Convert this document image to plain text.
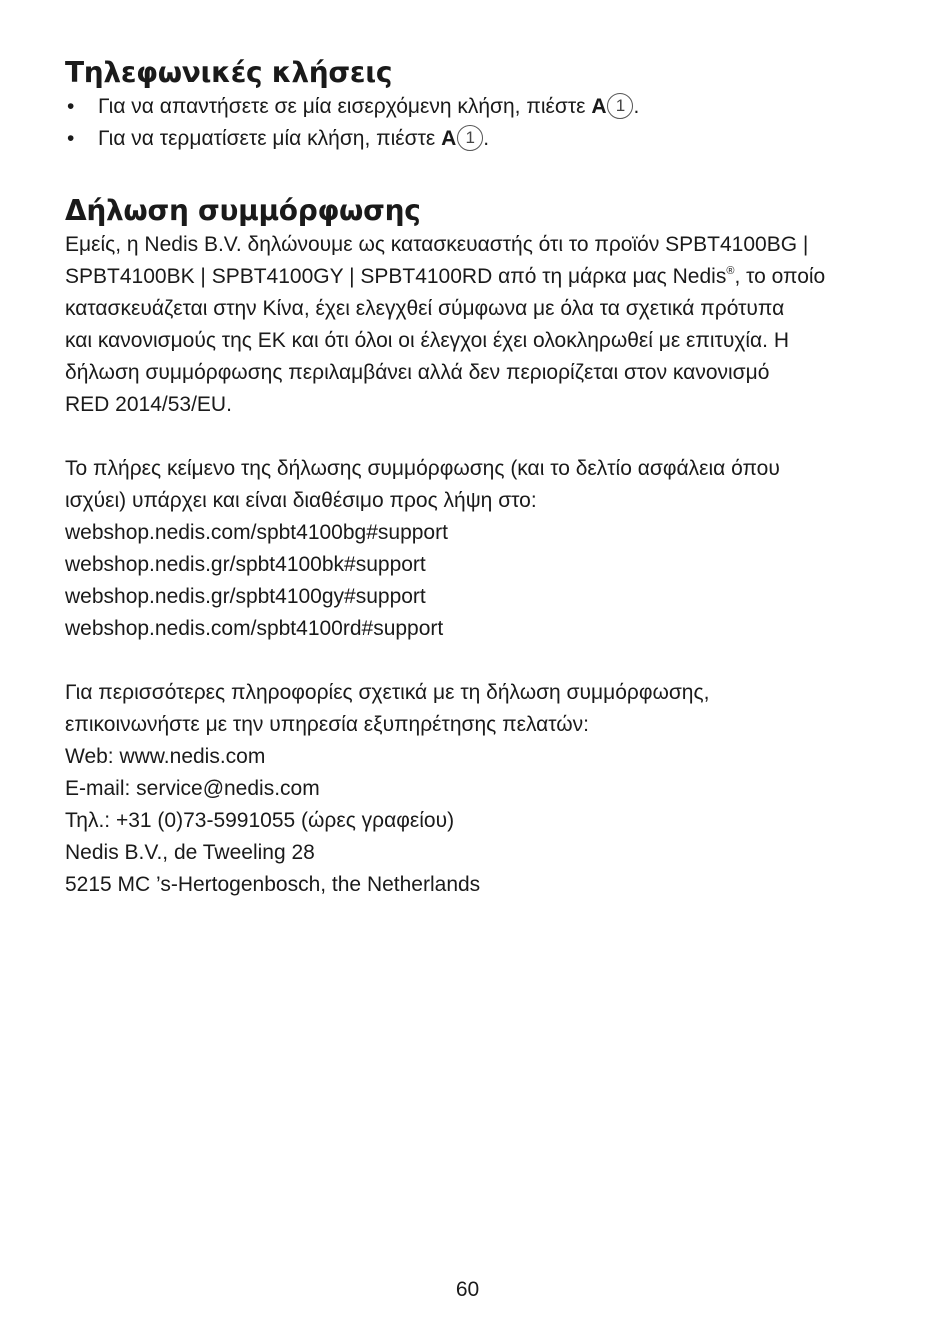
Τηλεφωνικές κλήσεις
• Για να απαντήσετε σε μία εισερχόμενη κλήση, πιέστε A 1 .
• Για να τερματίσετε μία κλήση, πιέστε A 1 .
Δήλωση συμμόρφωσης
Εμείς, η Nedis B.V. δηλώνουμε ως κατασκευαστής ότι το προϊόν SPBT4100BG |
SPBT4100BK | SPBT4100GY | SPBT4100RD από τη μάρκα μας Nedis®, το οποίο
κατασκευάζεται στην Κίνα, έχει ελεγχθεί σύμφωνα με όλα τα σχετικά πρότυπα
και κανονισμούς της ΕΚ και ότι όλοι οι έλεγχοι έχει ολοκληρωθεί με επιτυχία. Η
δήλωση συμμόρφωσης περιλαμβάνει αλλά δεν περιορίζεται στον κανονισμό
RED 2014/53/EU.
Το πλήρες κείμενο της δήλωσης συμμόρφωσης (και το δελτίο ασφάλεια όπου
ισχύει) υπάρχει και είναι διαθέσιμο προς λήψη στο:
webshop.nedis.com/spbt4100bg#support
webshop.nedis.gr/spbt4100bk#support
webshop.nedis.gr/spbt4100gy#support
webshop.nedis.com/spbt4100rd#support
Για περισσότερες πληροφορίες σχετικά με τη δήλωση συμμόρφωσης,
επικοινωνήστε με την υπηρεσία εξυπηρέτησης πελατών:
Web: www.nedis.com
E-mail: service@nedis.com
Τηλ.: +31 (0)73-5991055 (ώρες γραφείου)
Nedis B.V., de Tweeling 28
5215 MC ’s-Hertogenbosch, the Netherlands
60
